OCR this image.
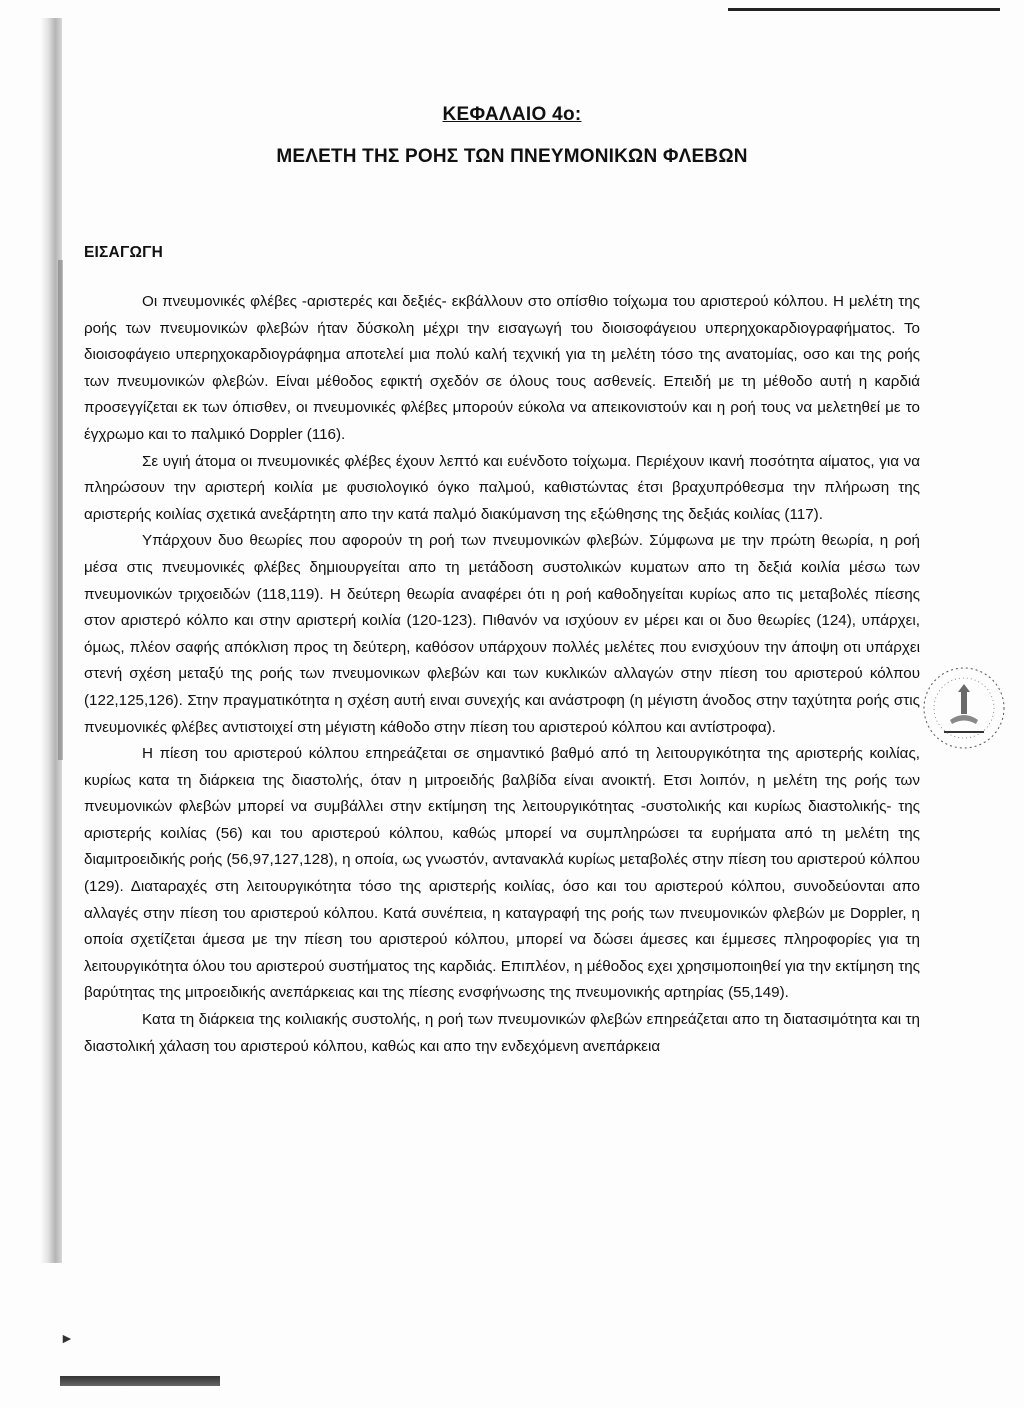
ΚΕΦΑΛΑΙΟ 4ο:
ΜΕΛΕΤΗ ΤΗΣ ΡΟΗΣ ΤΩΝ ΠΝΕΥΜΟΝΙΚΩΝ ΦΛΕΒΩΝ
ΕΙΣΑΓΩΓΗ

Οι πνευμονικές φλέβες -αριστερές και δεξιές- εκβάλλουν στο οπίσθιο τοίχωμα του αριστερού κόλπου. Η μελέτη της ροής των πνευμονικών φλεβών ήταν δύσκολη μέχρι την εισαγωγή του διοισοφάγειου υπερηχοκαρδιογραφήματος. Το διοισοφάγειο υπερηχοκαρδιογράφημα αποτελεί μια πολύ καλή τεχνική για τη μελέτη τόσο της ανατομίας, οσο και της ροής των πνευμονικών φλεβών. Είναι μέθοδος εφικτή σχεδόν σε όλους τους ασθενείς. Επειδή με τη μέθοδο αυτή η καρδιά προσεγγίζεται εκ των όπισθεν, οι πνευμονικές φλέβες μπορούν εύκολα να απεικονιστούν και η ροή τους να μελετηθεί με το έγχρωμο και το παλμικό Doppler (116).

Σε υγιή άτομα οι πνευμονικές φλέβες έχουν λεπτό και ευένδοτο τοίχωμα. Περιέχουν ικανή ποσότητα αίματος, για να πληρώσουν την αριστερή κοιλία με φυσιολογικό όγκο παλμού, καθιστώντας έτσι βραχυπρόθεσμα την πλήρωση της αριστερής κοιλίας σχετικά ανεξάρτητη απο την κατά παλμό διακύμανση της εξώθησης της δεξιάς κοιλίας (117).

Υπάρχουν δυο θεωρίες που αφορούν τη ροή των πνευμονικών φλεβών. Σύμφωνα με την πρώτη θεωρία, η ροή μέσα στις πνευμονικές φλέβες δημιουργείται απο τη μετάδοση συστολικών κυματων απο τη δεξιά κοιλία μέσω των πνευμονικών τριχοειδών (118,119). Η δεύτερη θεωρία αναφέρει ότι η ροή καθοδηγείται κυρίως απο τις μεταβολές πίεσης στον αριστερό κόλπο και στην αριστερή κοιλία (120-123). Πιθανόν να ισχύουν εν μέρει και οι δυο θεωρίες (124), υπάρχει, όμως, πλέον σαφής απόκλιση προς τη δεύτερη, καθόσον υπάρχουν πολλές μελέτες που ενισχύουν την άποψη οτι υπάρχει στενή σχέση μεταξύ της ροής των πνευμονικων φλεβών και των κυκλικών αλλαγών στην πίεση του αριστερού κόλπου (122,125,126). Στην πραγματικότητα η σχέση αυτή ειναι συνεχής και ανάστροφη (η μέγιστη άνοδος στην ταχύτητα ροής στις πνευμονικές φλέβες αντιστοιχεί στη μέγιστη κάθοδο στην πίεση του αριστερού κόλπου και αντίστροφα).

Η πίεση του αριστερού κόλπου επηρεάζεται σε σημαντικό βαθμό από τη λειτουργικότητα της αριστερής κοιλίας, κυρίως κατα τη διάρκεια της διαστολής, όταν η μιτροειδής βαλβίδα είναι ανοικτή. Ετσι λοιπόν, η μελέτη της ροής των πνευμονικών φλεβών μπορεί να συμβάλλει στην εκτίμηση της λειτουργικότητας -συστολικής και κυρίως διαστολικής- της αριστερής κοιλίας (56) και του αριστερού κόλπου, καθώς μπορεί να συμπληρώσει τα ευρήματα από τη μελέτη της διαμιτροειδικής ροής (56,97,127,128), η οποία, ως γνωστόν, αντανακλά κυρίως μεταβολές στην πίεση του αριστερού κόλπου (129). Διαταραχές στη λειτουργικότητα τόσο της αριστερής κοιλίας, όσο και του αριστερού κόλπου, συνοδεύονται απο αλλαγές στην πίεση του αριστερού κόλπου. Κατά συνέπεια, η καταγραφή της ροής των πνευμονικών φλεβών με Doppler, η οποία σχετίζεται άμεσα με την πίεση του αριστερού κόλπου, μπορεί να δώσει άμεσες και έμμεσες πληροφορίες για τη λειτουργικότητα όλου του αριστερού συστήματος της καρδιάς. Επιπλέον, η μέθοδος εχει χρησιμοποιηθεί για την εκτίμηση της βαρύτητας της μιτροειδικής ανεπάρκειας και της πίεσης ενσφήνωσης της πνευμονικής αρτηρίας (55,149).

Κατα τη διάρκεια της κοιλιακής συστολής, η ροή των πνευμονικών φλεβών επηρεάζεται απο τη διατασιμότητα και τη διαστολική χάλαση του αριστερού κόλπου, καθώς και απο την ενδεχόμενη ανεπάρκεια

►
